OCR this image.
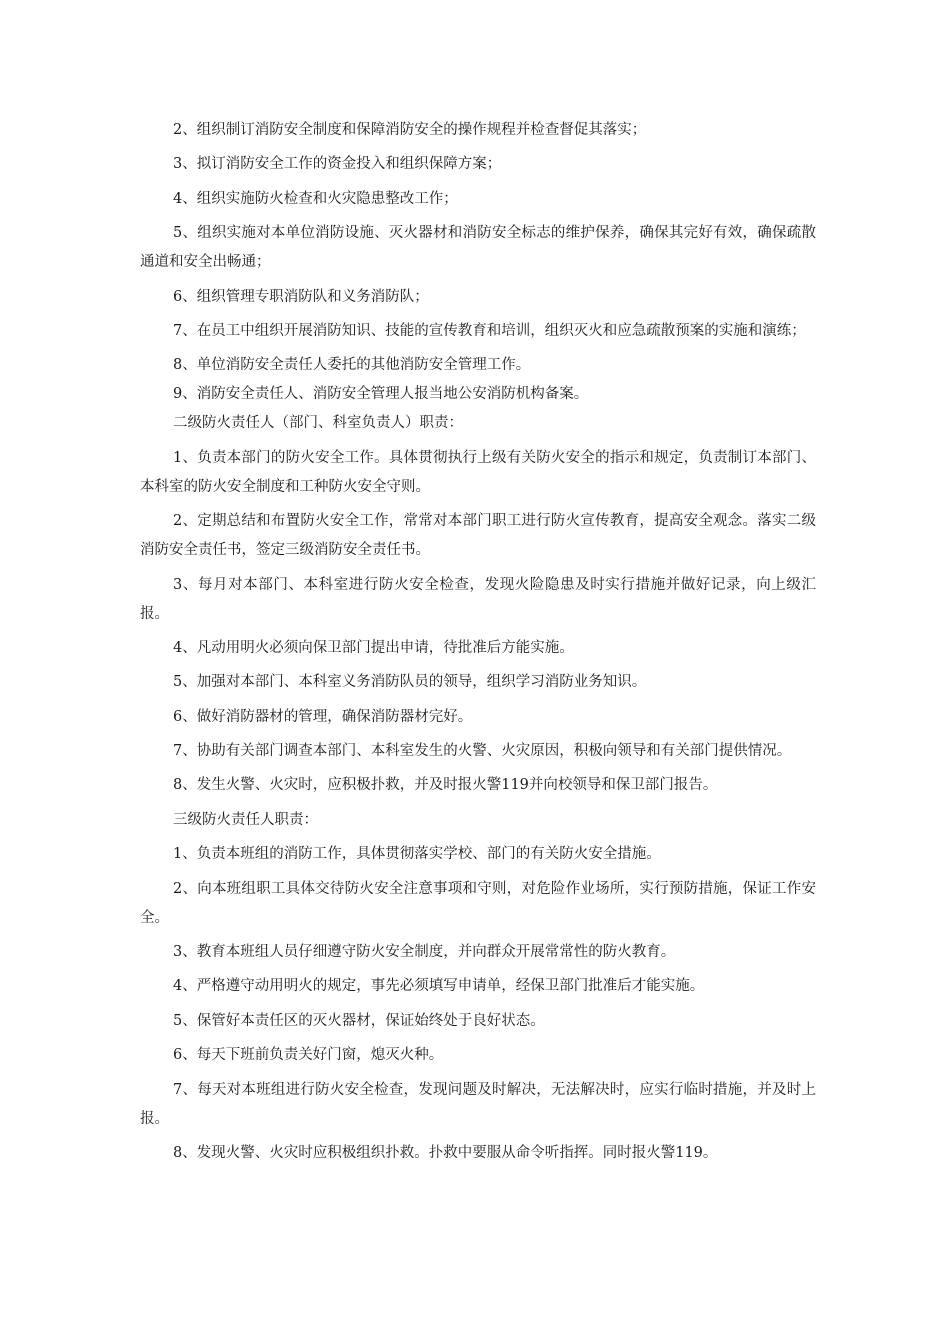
2、组织制订消防安全制度和保障消防安全的操作规程并检查督促其落实；

3、拟订消防安全工作的资金投入和组织保障方案；

4、组织实施防火检查和火灾隐患整改工作；

5、组织实施对本单位消防设施、灭火器材和消防安全标志的维护保养，确保其完好有效，确保疏散通道和安全出畅通；

6、组织管理专职消防队和义务消防队；

7、在员工中组织开展消防知识、技能的宣传教育和培训，组织灭火和应急疏散预案的实施和演练；

8、单位消防安全责任人委托的其他消防安全管理工作。

9、消防安全责任人、消防安全管理人报当地公安消防机构备案。

二级防火责任人（部门、科室负责人）职责：

1、负责本部门的防火安全工作。具体贯彻执行上级有关防火安全的指示和规定，负责制订本部门、本科室的防火安全制度和工种防火安全守则。

2、定期总结和布置防火安全工作，常常对本部门职工进行防火宣传教育，提高安全观念。落实二级消防安全责任书，签定三级消防安全责任书。

3、每月对本部门、本科室进行防火安全检查，发现火险隐患及时实行措施并做好记录，向上级汇报。

4、凡动用明火必须向保卫部门提出申请，待批准后方能实施。

5、加强对本部门、本科室义务消防队员的领导，组织学习消防业务知识。

6、做好消防器材的管理，确保消防器材完好。

7、协助有关部门调查本部门、本科室发生的火警、火灾原因，积极向领导和有关部门提供情况。

8、发生火警、火灾时，应积极扑救，并及时报火警119并向校领导和保卫部门报告。

三级防火责任人职责：

1、负责本班组的消防工作，具体贯彻落实学校、部门的有关防火安全措施。

2、向本班组职工具体交待防火安全注意事项和守则，对危险作业场所，实行预防措施，保证工作安全。

3、教育本班组人员仔细遵守防火安全制度，并向群众开展常常性的防火教育。

4、严格遵守动用明火的规定，事先必须填写申请单，经保卫部门批准后才能实施。

5、保管好本责任区的灭火器材，保证始终处于良好状态。

6、每天下班前负责关好门窗，熄灭火种。

7、每天对本班组进行防火安全检查，发现问题及时解决，无法解决时，应实行临时措施，并及时上报。

8、发现火警、火灾时应积极组织扑救。扑救中要服从命令听指挥。同时报火警119。
